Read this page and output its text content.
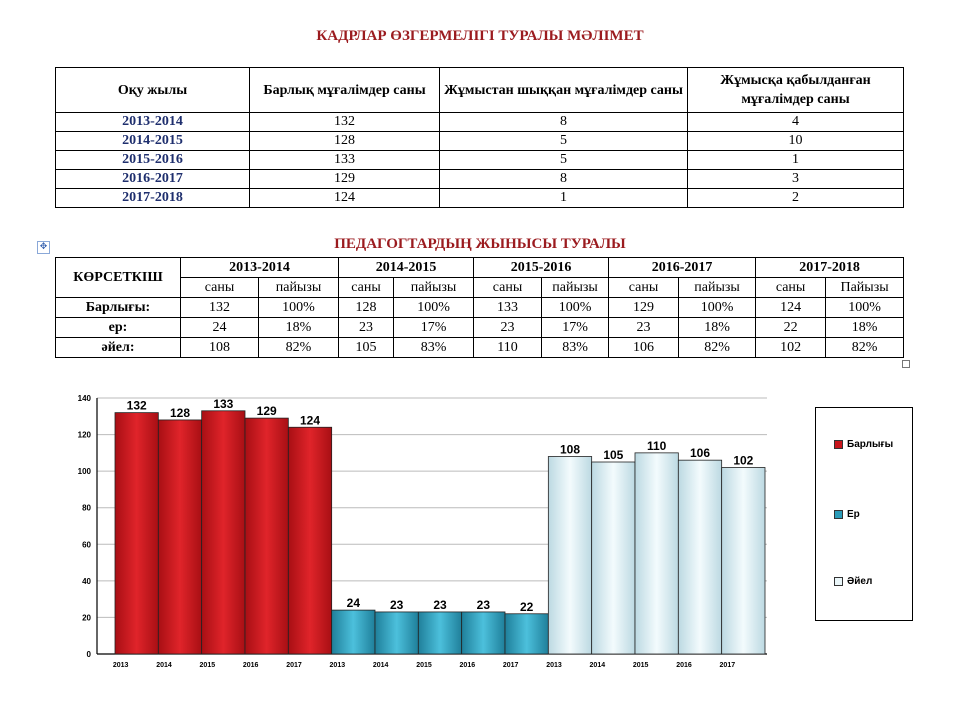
КАДРЛАР ӨЗГЕРМЕЛІГІ ТУРАЛЫ МӘЛІМЕТ
Оқу жылы	Барлық мұғалімдер саны	Жұмыстан шыққан мұғалімдер саны	Жұмысқа қабылданған мұғалімдер саны
2013-2014	132	8	4
2014-2015	128	5	10
2015-2016	133	5	1
2016-2017	129	8	3
2017-2018	124	1	2
✥	ПЕДАГОГТАРДЫҢ ЖЫНЫСЫ ТУРАЛЫ
КӨРСЕТКІШ	2013-2014		2014-2015		2015-2016		2016-2017		2017-2018	
	саны	пайызы	саны	пайызы	саны	пайызы	саны	пайызы	саны	Пайызы
Барлығы:	132	100%	128	100%	133	100%	129	100%	124	100%
ер:	24	18%	23	17%	23	17%	23	18%	22	18%
әйел:	108	82%	105	83%	110	83%	106	82%	102	82%
0
20
40
60
80
100
120
140
132
128
133
129
124
24 23 23 23 22
108 105
110
106
102
2013	2014	2015	2016	2017	2013	2014	2015	2016	2017	2013	2014	2015	2016	2017
Барлығы
Ер
Әйел
